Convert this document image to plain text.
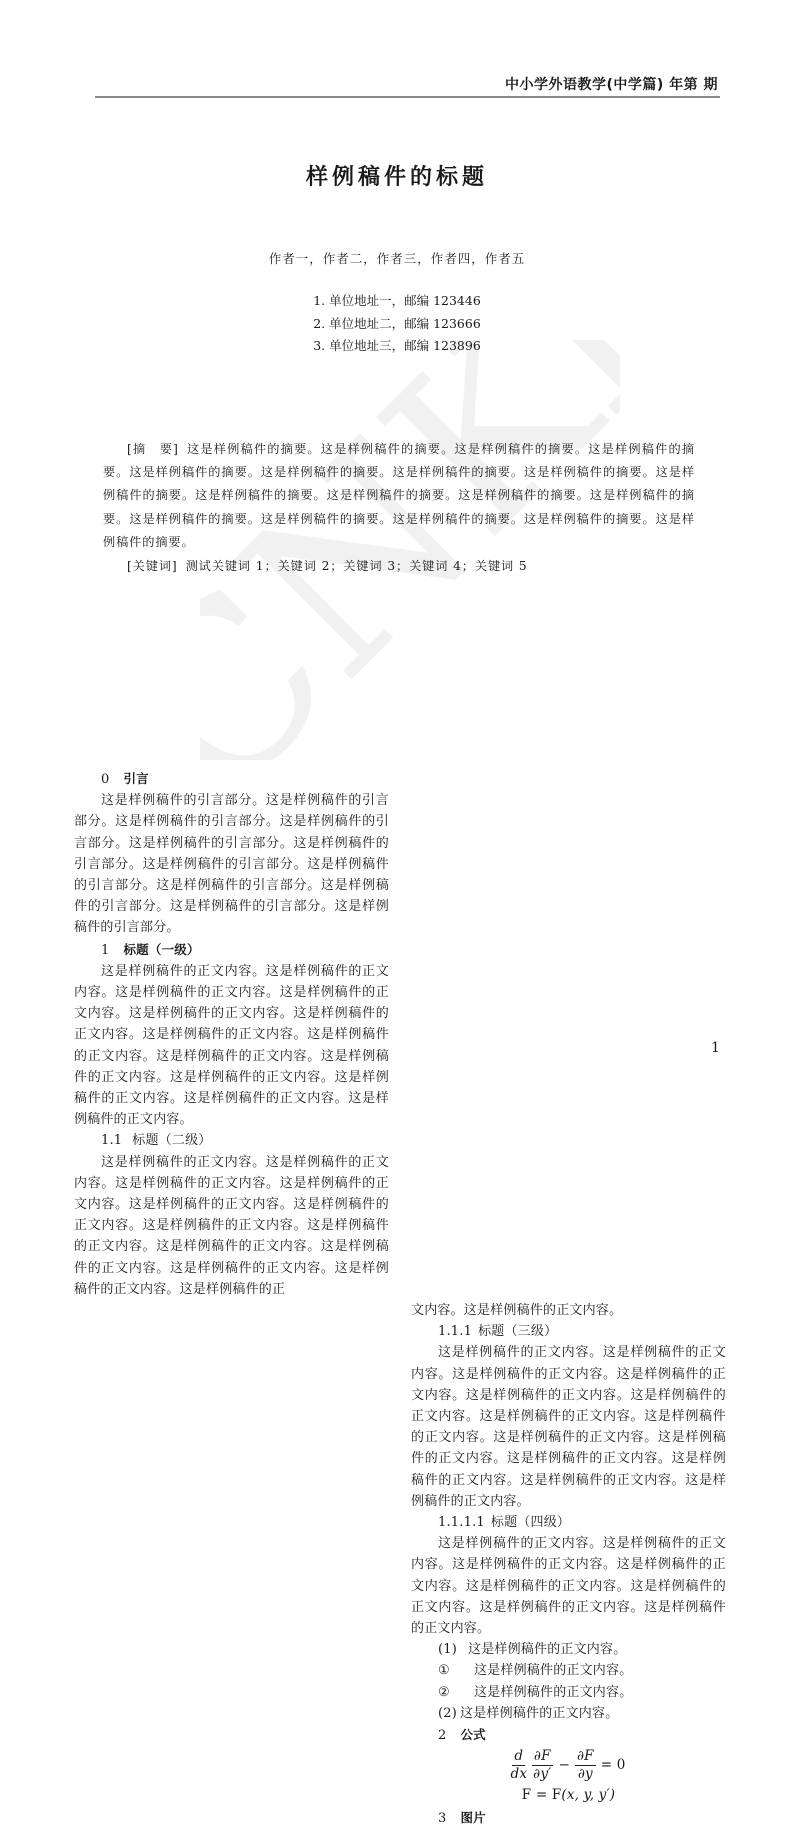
CNKI
中小学外语教学(中学篇) 年第 期
样例稿件的标题
作者一，作者二，作者三，作者四，作者五
1. 单位地址一，邮编 123446
2. 单位地址二，邮编 123666
3. 单位地址三，邮编 123896

[摘　要] 这是样例稿件的摘要。这是样例稿件的摘要。这是样例稿件的摘要。这是样例稿件的摘要。这是样例稿件的摘要。这是样例稿件的摘要。这是样例稿件的摘要。这是样例稿件的摘要。这是样例稿件的摘要。这是样例稿件的摘要。这是样例稿件的摘要。这是样例稿件的摘要。这是样例稿件的摘要。这是样例稿件的摘要。这是样例稿件的摘要。这是样例稿件的摘要。这是样例稿件的摘要。这是样例稿件的摘要。

[关键词] 测试关键词 1；关键词 2；关键词 3；关键词 4；关键词 5

0 引言

这是样例稿件的引言部分。这是样例稿件的引言部分。这是样例稿件的引言部分。这是样例稿件的引言部分。这是样例稿件的引言部分。这是样例稿件的引言部分。这是样例稿件的引言部分。这是样例稿件的引言部分。这是样例稿件的引言部分。这是样例稿件的引言部分。这是样例稿件的引言部分。这是样例稿件的引言部分。

1 标题（一级）

这是样例稿件的正文内容。这是样例稿件的正文内容。这是样例稿件的正文内容。这是样例稿件的正文内容。这是样例稿件的正文内容。这是样例稿件的正文内容。这是样例稿件的正文内容。这是样例稿件的正文内容。这是样例稿件的正文内容。这是样例稿件的正文内容。这是样例稿件的正文内容。这是样例稿件的正文内容。这是样例稿件的正文内容。这是样例稿件的正文内容。

1.1 标题（二级）

这是样例稿件的正文内容。这是样例稿件的正文内容。这是样例稿件的正文内容。这是样例稿件的正文内容。这是样例稿件的正文内容。这是样例稿件的正文内容。这是样例稿件的正文内容。这是样例稿件的正文内容。这是样例稿件的正文内容。这是样例稿件的正文内容。这是样例稿件的正文内容。这是样例稿件的正文内容。这是样例稿件的正

文内容。这是样例稿件的正文内容。

1.1.1 标题（三级）

这是样例稿件的正文内容。这是样例稿件的正文内容。这是样例稿件的正文内容。这是样例稿件的正文内容。这是样例稿件的正文内容。这是样例稿件的正文内容。这是样例稿件的正文内容。这是样例稿件的正文内容。这是样例稿件的正文内容。这是样例稿件的正文内容。这是样例稿件的正文内容。这是样例稿件的正文内容。这是样例稿件的正文内容。这是样例稿件的正文内容。

1.1.1.1 标题（四级）

这是样例稿件的正文内容。这是样例稿件的正文内容。这是样例稿件的正文内容。这是样例稿件的正文内容。这是样例稿件的正文内容。这是样例稿件的正文内容。这是样例稿件的正文内容。这是样例稿件的正文内容。

(1) 这是样例稿件的正文内容。

① 这是样例稿件的正文内容。

② 这是样例稿件的正文内容。

(2) 这是样例稿件的正文内容。

2 公式

$\frac{d}{dx} \frac{\partial F}{\partial y'} - \frac{\partial F}{\partial y} = 0$
F = F(x, y, y′)

3 图片

1
